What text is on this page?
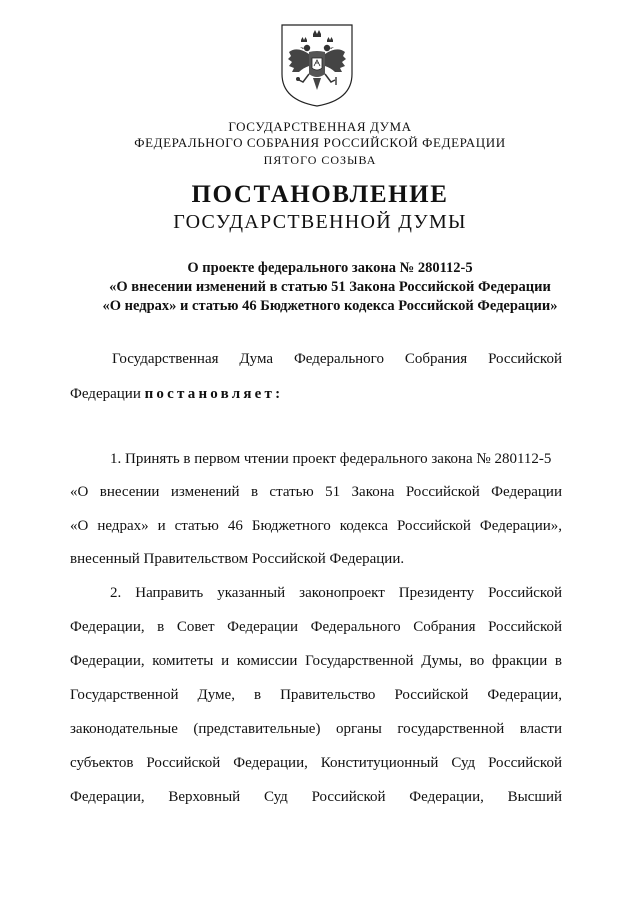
ГОСУДАРСТВЕННАЯ ДУМА
ФЕДЕРАЛЬНОГО СОБРАНИЯ РОССИЙСКОЙ ФЕДЕРАЦИИ
ПЯТОГО СОЗЫВА
ПОСТАНОВЛЕНИЕ
ГОСУДАРСТВЕННОЙ ДУМЫ
О проекте федерального закона № 280112-5
«О внесении изменений в статью 51 Закона Российской Федерации
«О недрах» и статью 46 Бюджетного кодекса Российской Федерации»
Государственная Дума Федерального Собрания Российской
Федерации постановляет:
1. Принять в первом чтении проект федерального закона № 280112-5
«О внесении изменений в статью 51 Закона Российской Федерации
«О недрах» и статью 46 Бюджетного кодекса Российской Федерации»,
внесенный Правительством Российской Федерации.
2. Направить указанный законопроект Президенту Российской
Федерации, в Совет Федерации Федерального Собрания Российской
Федерации, комитеты и комиссии Государственной Думы, во фракции в
Государственной Думе, в Правительство Российской Федерации,
законодательные (представительные) органы государственной власти
субъектов Российской Федерации, Конституционный Суд Российской
Федерации, Верховный Суд Российской Федерации, Высший
